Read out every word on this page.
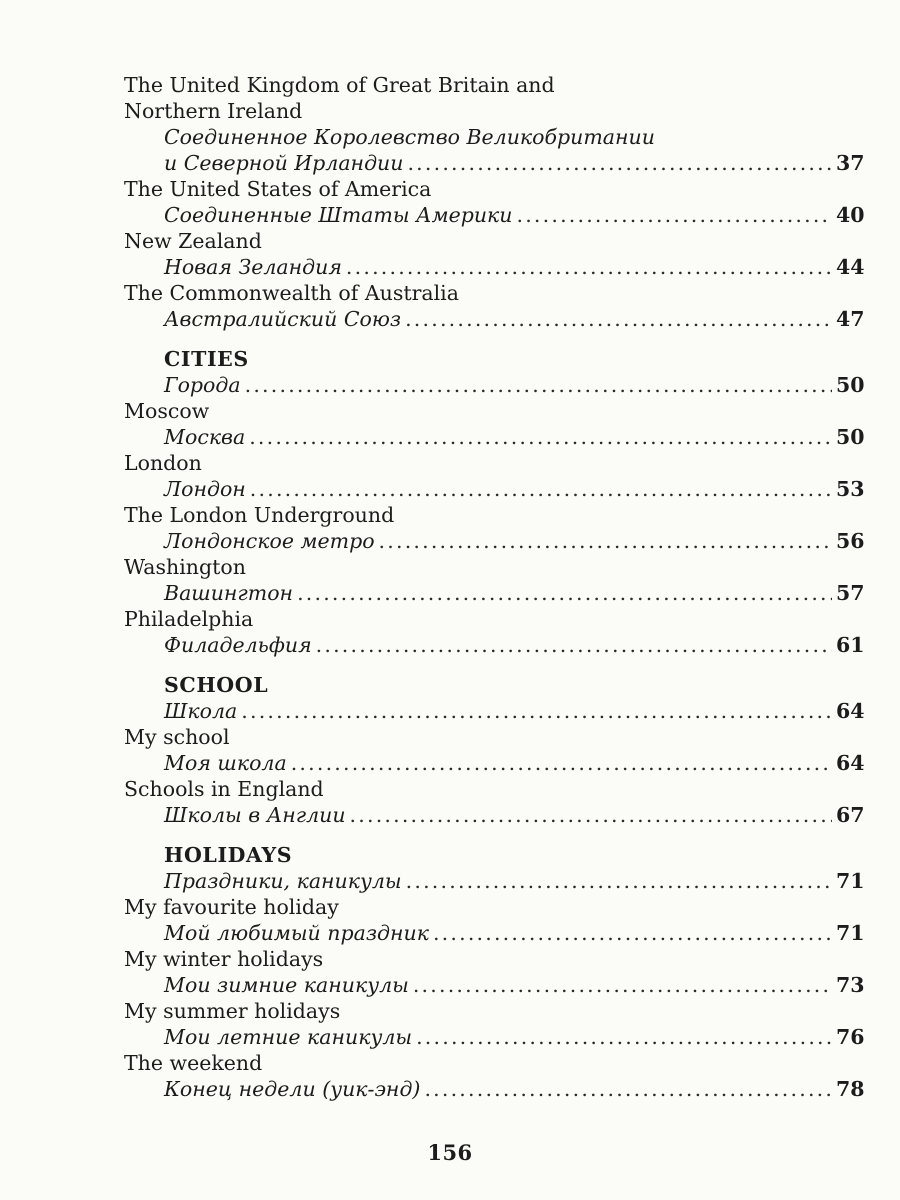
The United Kingdom of Great Britain and
Northern Ireland
Соединенное Королевство Великобритании
и Северной Ирландии .....	37
The United States of America
Соединенные Штаты Америки .....	40
New Zealand
Новая Зеландия .....	44
The Commonwealth of Australia
Австралийский Союз .....	47
CITIES
Города .....	50
Moscow
Москва .....	50
London
Лондон .....	53
The London Underground
Лондонское метро .....	56
Washington
Вашингтон .....	57
Philadelphia
Филадельфия .....	61
SCHOOL
Школа .....	64
My school
Моя школа .....	64
Schools in England
Школы в Англии .....	67
HOLIDAYS
Праздники, каникулы .....	71
My favourite holiday
Мой любимый праздник .....	71
My winter holidays
Мои зимние каникулы .....	73
My summer holidays
Мои летние каникулы .....	76
The weekend
Конец недели (уик-энд) .....	78
156
